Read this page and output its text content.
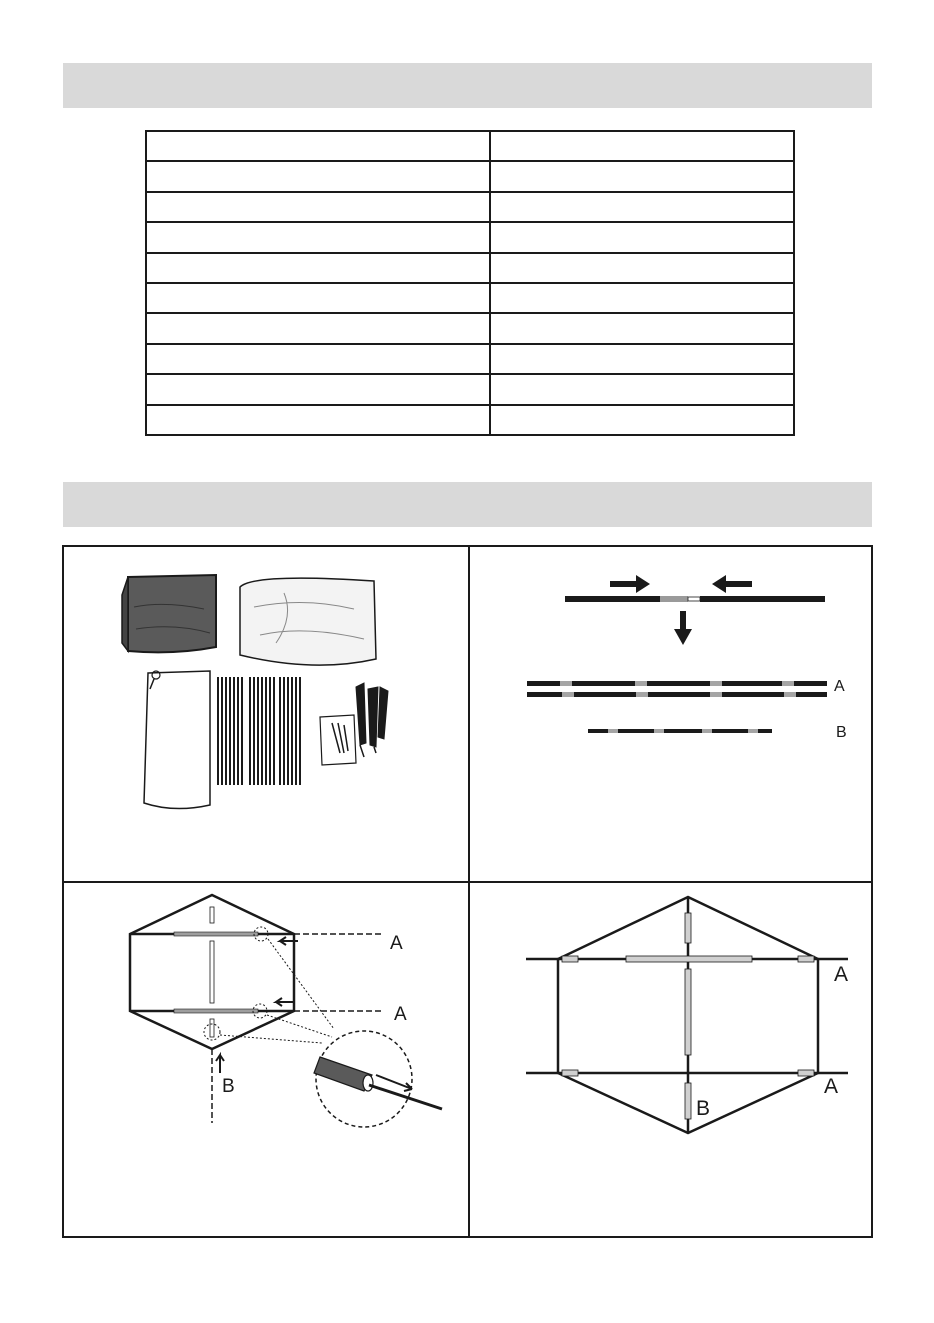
A
B
A
A
B
A
A
B
